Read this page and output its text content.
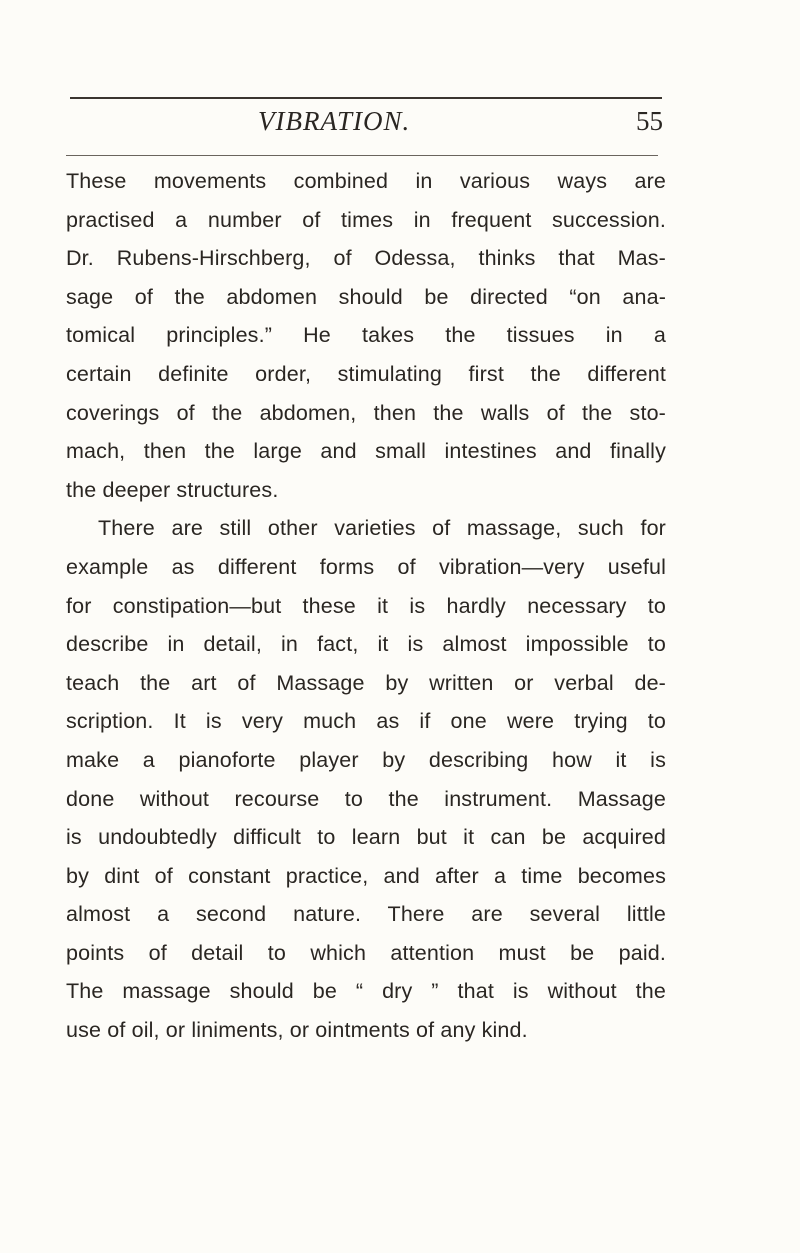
VIBRATION.	55
These movements combined in various ways are
practised a number of times in frequent succession.
Dr. Rubens-Hirschberg, of Odessa, thinks that Mas-
sage of the abdomen should be directed “on ana-
tomical principles.” He takes the tissues in a
certain definite order, stimulating first the different
coverings of the abdomen, then the walls of the sto-
mach, then the large and small intestines and finally
the deeper structures.
There are still other varieties of massage, such for
example as different forms of vibration—very useful
for constipation—but these it is hardly necessary to
describe in detail, in fact, it is almost impossible to
teach the art of Massage by written or verbal de-
scription. It is very much as if one were trying to
make a pianoforte player by describing how it is
done without recourse to the instrument. Massage
is undoubtedly difficult to learn but it can be acquired
by dint of constant practice, and after a time becomes
almost a second nature. There are several little
points of detail to which attention must be paid.
The massage should be “ dry ” that is without the
use of oil, or liniments, or ointments of any kind.
